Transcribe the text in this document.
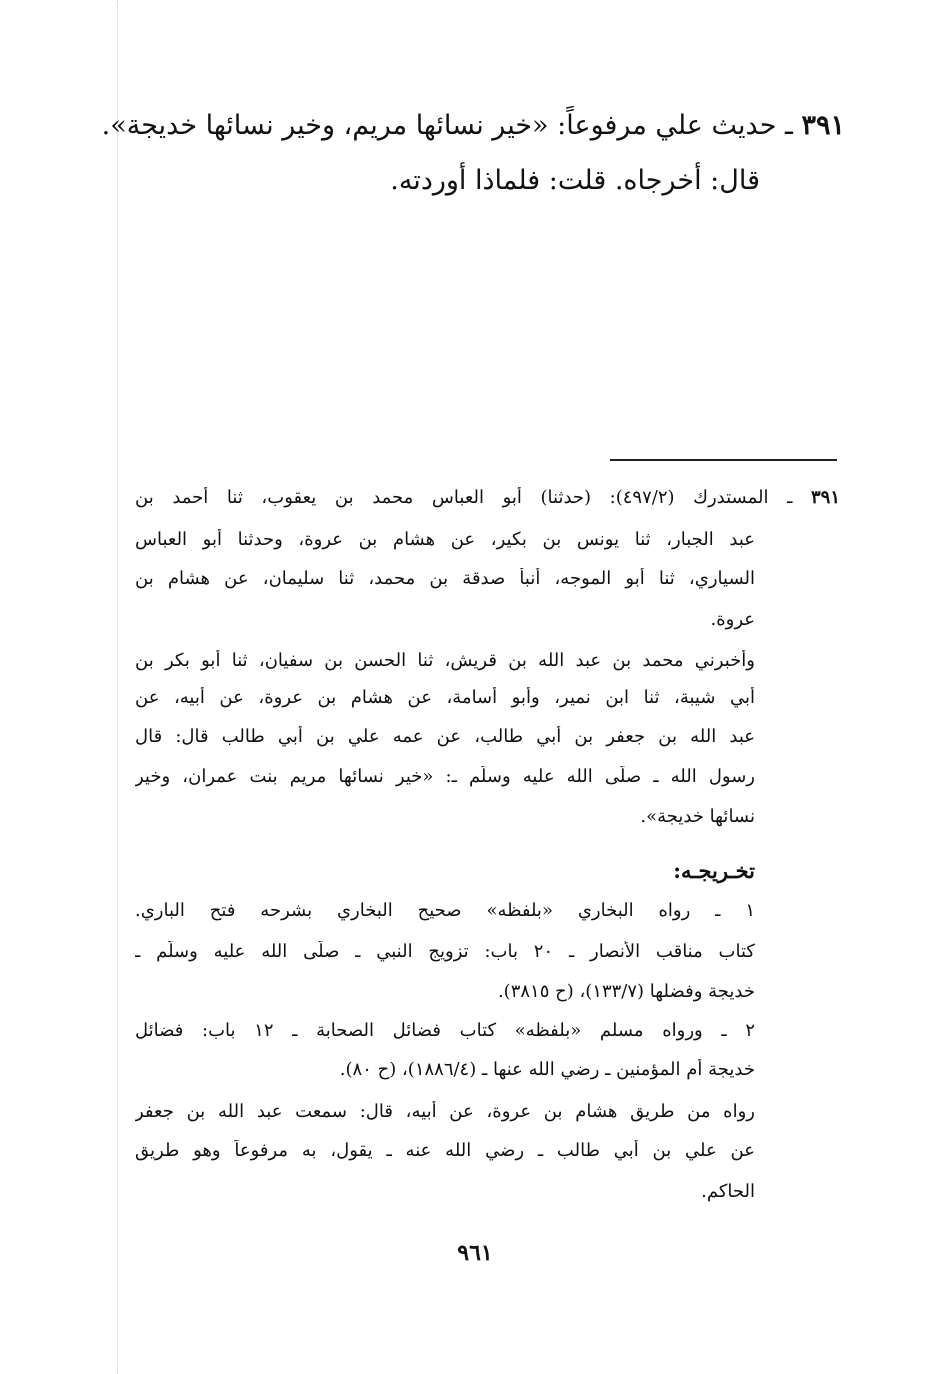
٣٩١ ـ حديث علي مرفوعاً: «خير نسائها مريم، وخير نسائها خديجة».
قال: أخرجاه. قلت: فلماذا أوردته.
٣٩١ ـ المستدرك (٤٩٧/٢): (حدثنا) أبو العباس محمد بن يعقوب، ثنا أحمد بن
عبد الجبار، ثنا يونس بن بكير، عن هشام بن عروة، وحدثنا أبو العباس
السياري، ثنا أبو الموجه، أنبأ صدقة بن محمد، ثنا سليمان، عن هشام بن
عروة.
وأخبرني محمد بن عبد الله بن قريش، ثنا الحسن بن سفيان، ثنا أبو بكر بن
أبي شيبة، ثنا ابن نمير، وأبو أسامة، عن هشام بن عروة، عن أبيه، عن
عبد الله بن جعفر بن أبي طالب، عن عمه علي بن أبي طالب قال: قال
رسول الله ـ صلَّى الله عليه وسلَّم ـ: «خير نسائها مريم بنت عمران، وخير
نسائها خديجة».
تخـريجـه:
١ ـ رواه البخاري «بلفظه» صحيح البخاري بشرحه فتح الباري.
كتاب مناقب الأنصار ـ ٢٠ باب: تزويج النبي ـ صلَّى الله عليه وسلَّم ـ
خديجة وفضلها (١٣٣/٧)، (ح ٣٨١٥).
٢ ـ ورواه مسلم «بلفظه» كتاب فضائل الصحابة ـ ١٢ باب: فضائل
خديجة أم المؤمنين ـ رضي الله عنها ـ (١٨٨٦/٤)، (ح ٨٠).
رواه من طريق هشام بن عروة، عن أبيه، قال: سمعت عبد الله بن جعفر
عن علي بن أبي طالب ـ رضي الله عنه ـ يقول، به مرفوعاً وهو طريق
الحاكم.
٩٦١
